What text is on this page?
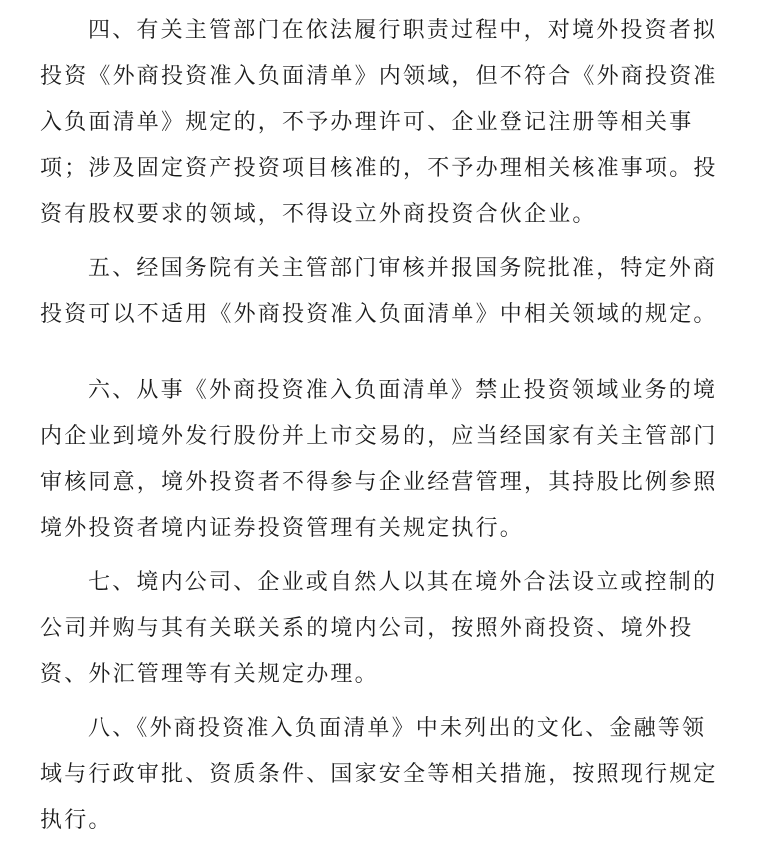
四、有关主管部门在依法履行职责过程中，对境外投资者拟
投资《外商投资准入负面清单》内领域，但不符合《外商投资准
入负面清单》规定的，不予办理许可、企业登记注册等相关事
项；涉及固定资产投资项目核准的，不予办理相关核准事项。投
资有股权要求的领域，不得设立外商投资合伙企业。
五、经国务院有关主管部门审核并报国务院批准，特定外商
投资可以不适用《外商投资准入负面清单》中相关领域的规定。
六、从事《外商投资准入负面清单》禁止投资领域业务的境
内企业到境外发行股份并上市交易的，应当经国家有关主管部门
审核同意，境外投资者不得参与企业经营管理，其持股比例参照
境外投资者境内证券投资管理有关规定执行。
七、境内公司、企业或自然人以其在境外合法设立或控制的
公司并购与其有关联关系的境内公司，按照外商投资、境外投
资、外汇管理等有关规定办理。
八、《外商投资准入负面清单》中未列出的文化、金融等领
域与行政审批、资质条件、国家安全等相关措施，按照现行规定
执行。
